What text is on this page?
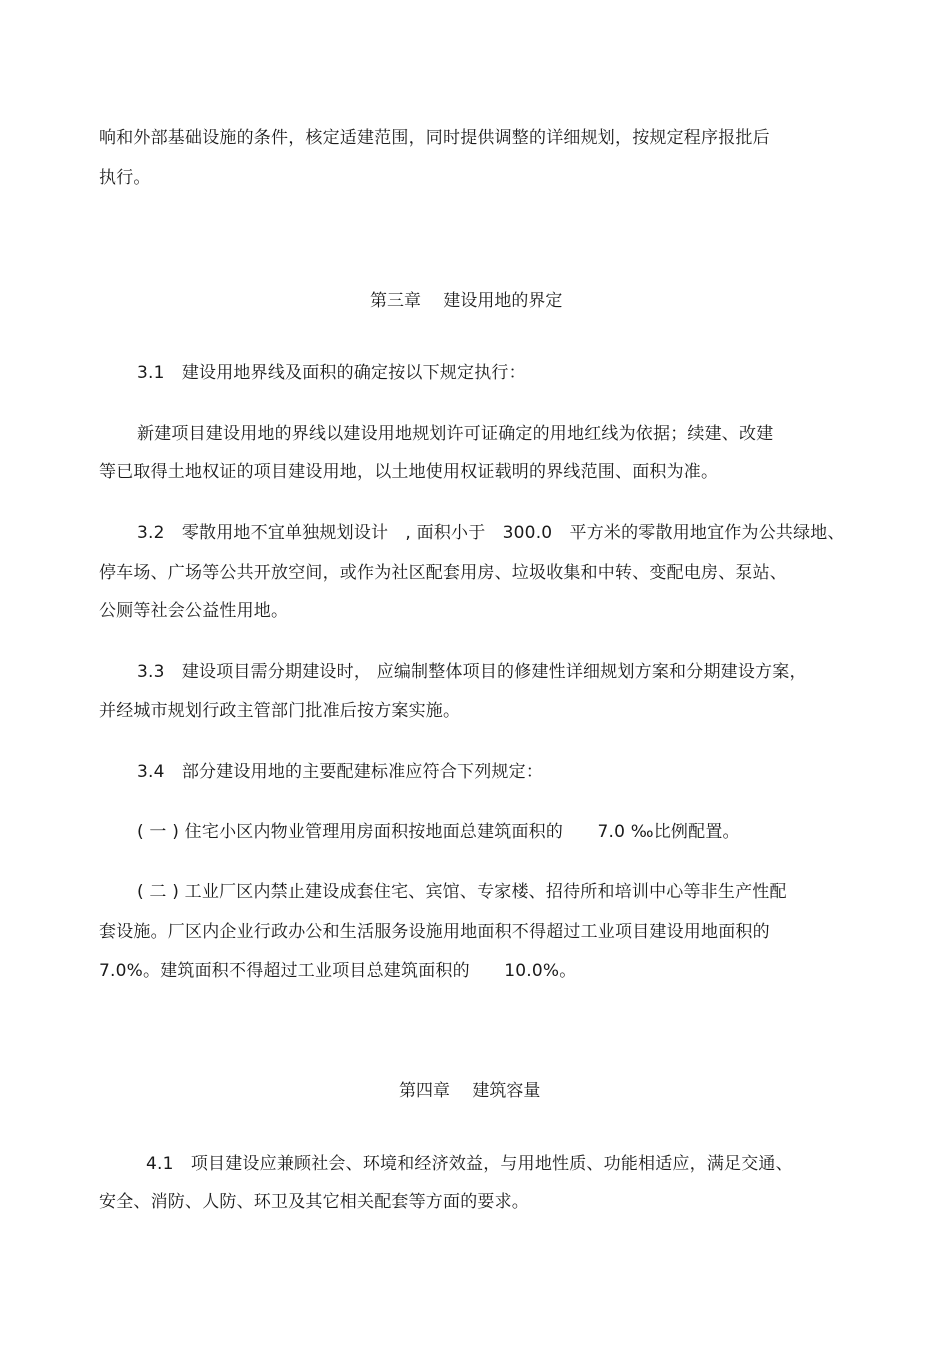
响和外部基础设施的条件，核定适建范围，同时提供调整的详细规划，按规定程序报批后
执行。
第三章　 建设用地的界定
3.1　建设用地界线及面积的确定按以下规定执行：
新建项目建设用地的界线以建设用地规划许可证确定的用地红线为依据；续建、改建
等已取得土地权证的项目建设用地，以土地使用权证载明的界线范围、面积为准。
3.2　零散用地不宜单独规划设计　, 面积小于　300.0　平方米的零散用地宜作为公共绿地、
停车场、广场等公共开放空间，或作为社区配套用房、垃圾收集和中转、变配电房、泵站、
公厕等社会公益性用地。
3.3　建设项目需分期建设时， 应编制整体项目的修建性详细规划方案和分期建设方案，
并经城市规划行政主管部门批准后按方案实施。
3.4　部分建设用地的主要配建标准应符合下列规定：
( 一 ) 住宅小区内物业管理用房面积按地面总建筑面积的　　7.0 ‰比例配置。
( 二 ) 工业厂区内禁止建设成套住宅、宾馆、专家楼、招待所和培训中心等非生产性配
套设施。厂区内企业行政办公和生活服务设施用地面积不得超过工业项目建设用地面积的
7.0%。建筑面积不得超过工业项目总建筑面积的　　10.0%。
第四章　 建筑容量
4.1　项目建设应兼顾社会、环境和经济效益，与用地性质、功能相适应，满足交通、
安全、消防、人防、环卫及其它相关配套等方面的要求。
